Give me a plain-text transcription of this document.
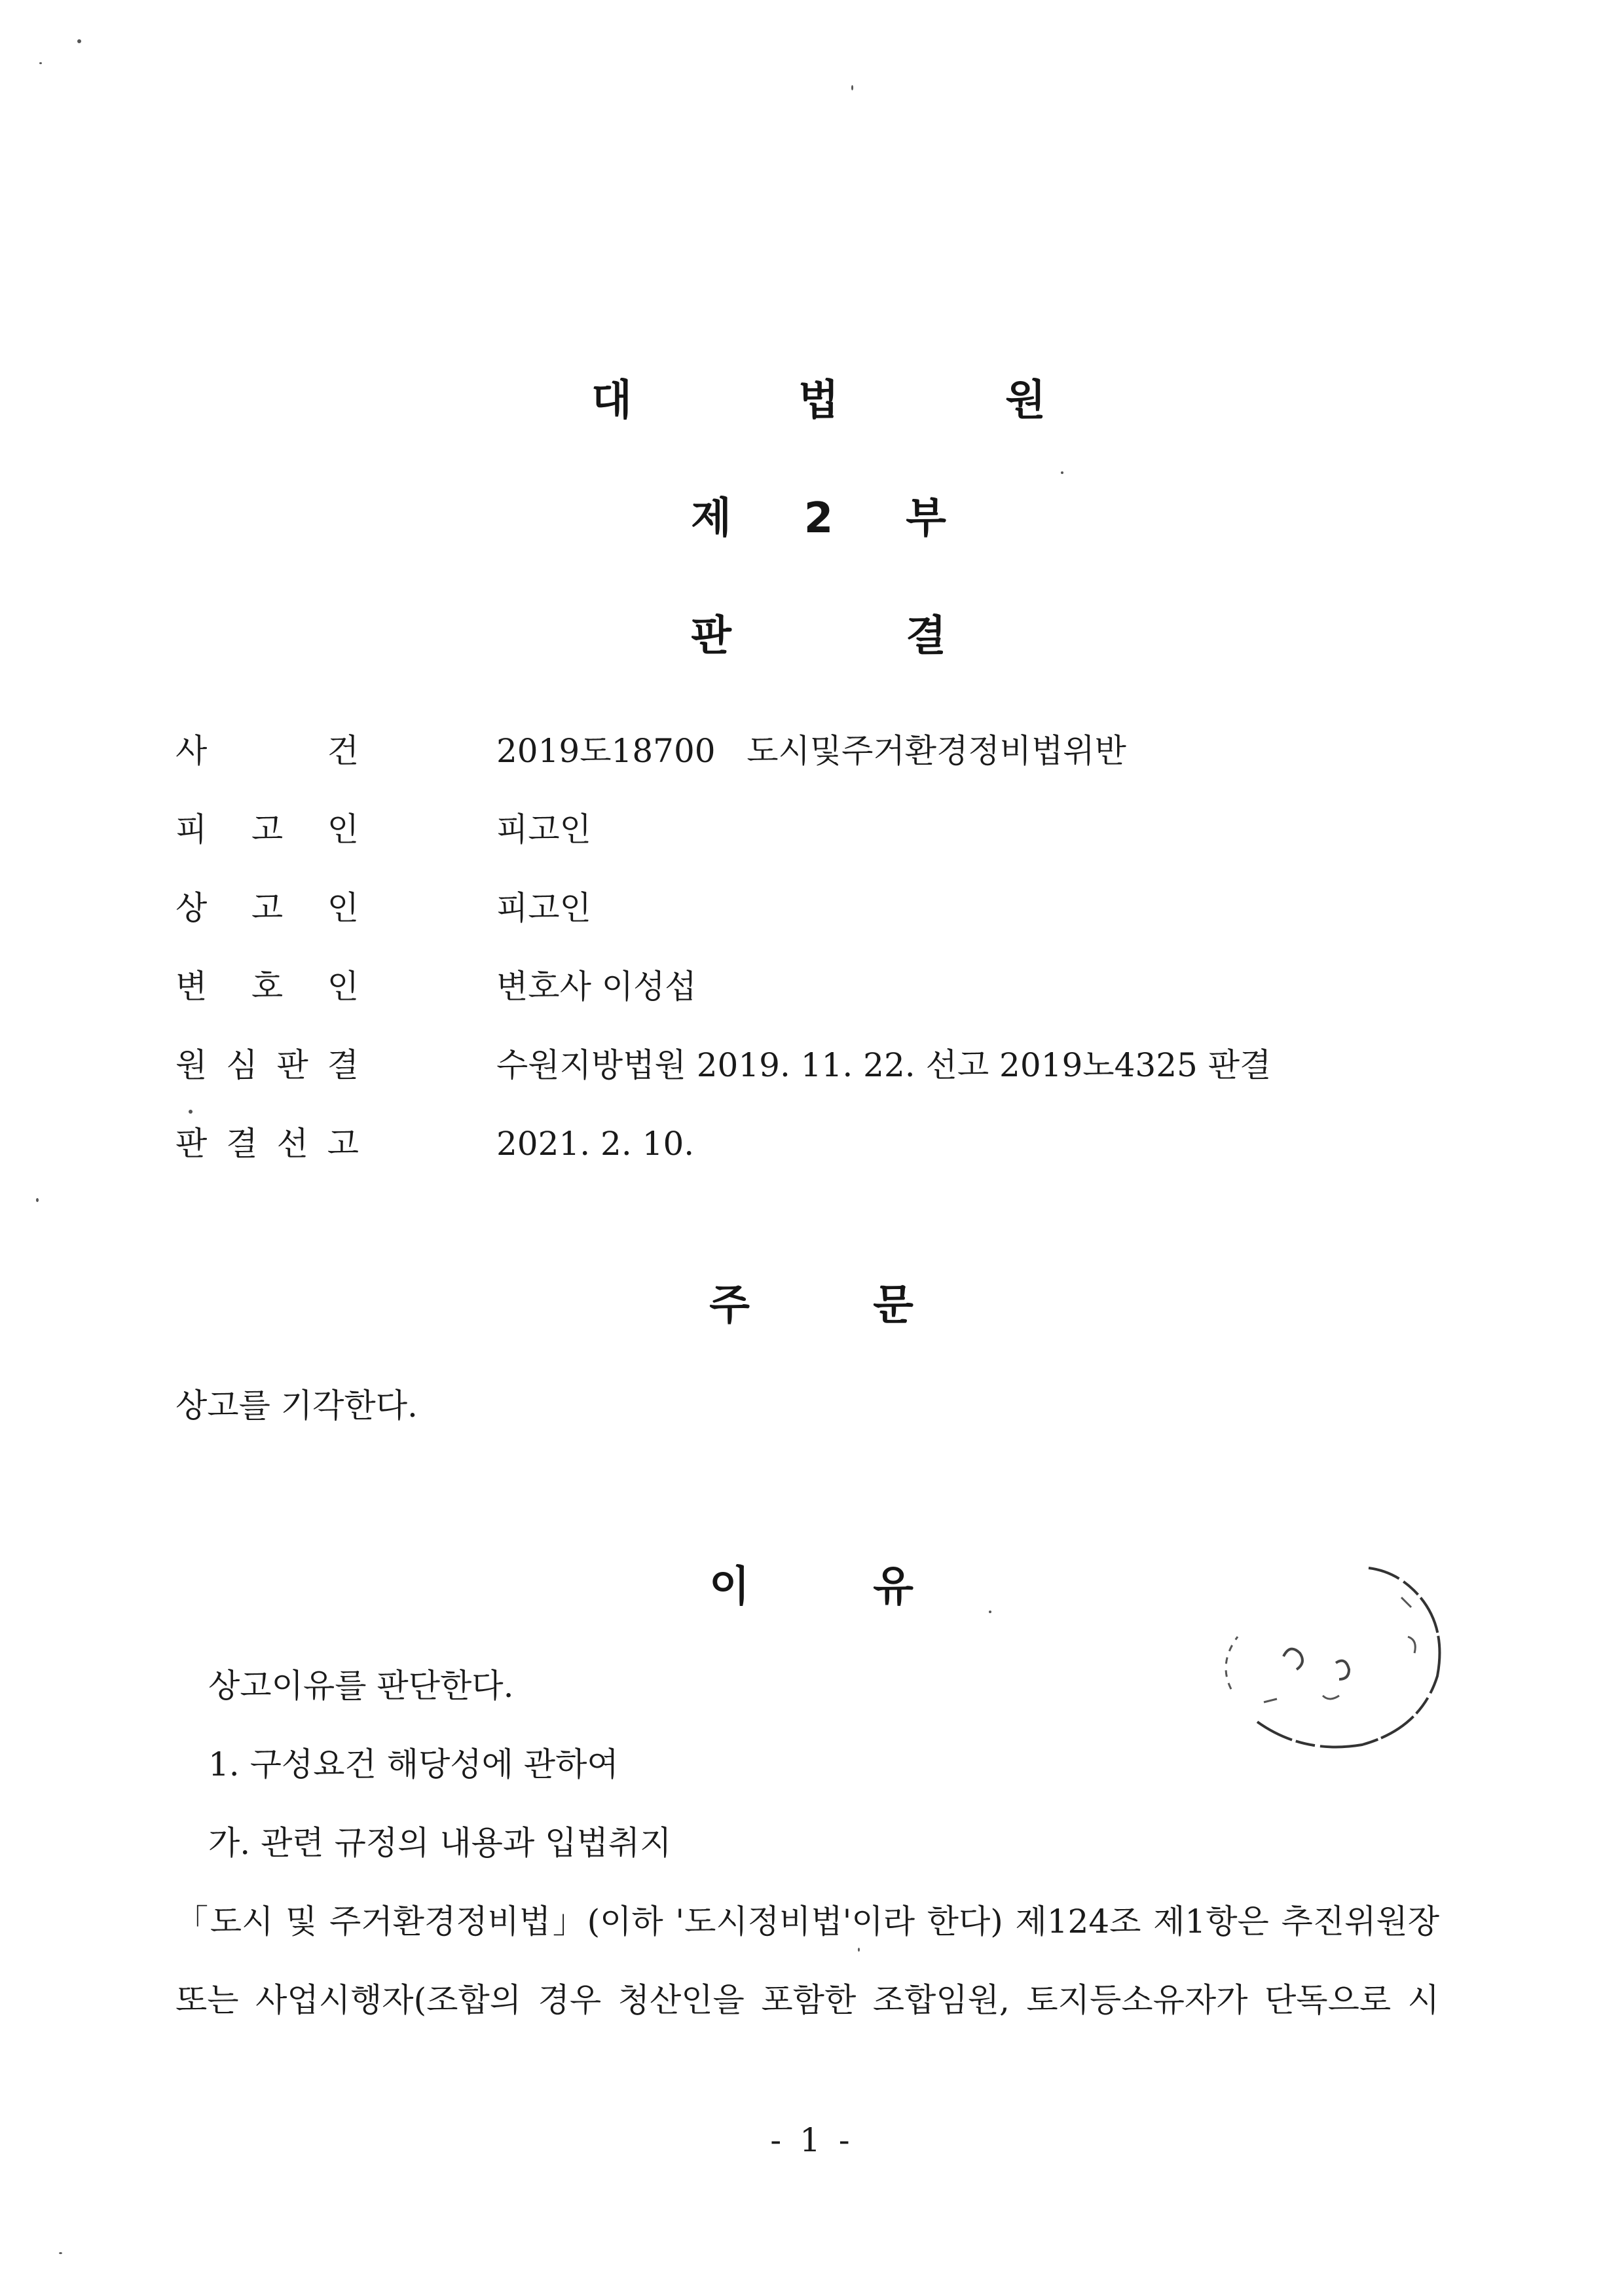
대	법	원
제 2 부
판	결
사	건	2019도18700   도시및주거환경정비법위반
피 고 인	피고인
상 고 인	피고인
변 호 인	변호사 이성섭
원 심 판 결	수원지방법원 2019. 11. 22. 선고 2019노4325 판결
판 결 선 고	2021. 2. 10.
주	문
상고를 기각한다.
이	유
상고이유를 판단한다.
1. 구성요건 해당성에 관하여
가. 관련 규정의 내용과 입법취지
「도시 및 주거환경정비법」(이하 '도시정비법'이라 한다) 제124조 제1항은 추진위원장
또는 사업시행자(조합의 경우 청산인을 포함한 조합임원, 토지등소유자가 단독으로 시
- 1 -
